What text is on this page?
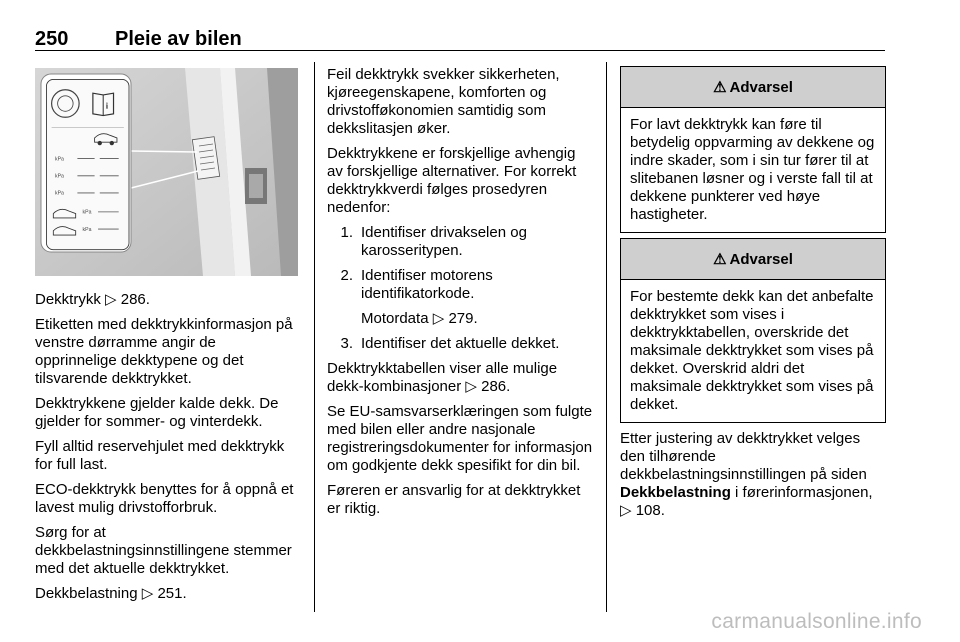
250 Pleie av bilen
i
kPa
kPa
kPa
kPa
kPa

Dekktrykk ▷ 286.

Etiketten med dekktrykkinformasjon på venstre dørramme angir de opprinnelige dekktypene og det tilsvarende dekktrykket.

Dekktrykkene gjelder kalde dekk. De gjelder for sommer- og vinterdekk.

Fyll alltid reservehjulet med dekktrykk for full last.

ECO-dekktrykk benyttes for å oppnå et lavest mulig drivstofforbruk.

Sørg for at dekkbelastningsinnstillingene stemmer med det aktuelle dekktrykket.

Dekkbelastning ▷ 251.

Feil dekktrykk svekker sikkerheten, kjøreegenskapene, komforten og drivstofføkonomien samtidig som dekkslitasjen øker.

Dekktrykkene er forskjellige avhengig av forskjellige alternativer. For korrekt dekktrykkverdi følges prosedyren nedenfor:

1. Identifiser drivakselen og karosseritypen.
2. Identifiser motorens identifikatorkode.
Motordata ▷ 279.
3. Identifiser det aktuelle dekket.

Dekktrykktabellen viser alle mulige dekk-kombinasjoner ▷ 286.

Se EU-samsvarserklæringen som fulgte med bilen eller andre nasjonale registreringsdokumenter for informasjon om godkjente dekk spesifikt for din bil.

Føreren er ansvarlig for at dekktrykket er riktig.

⚠ Advarsel
For lavt dekktrykk kan føre til betydelig oppvarming av dekkene og indre skader, som i sin tur fører til at slitebanen løsner og i verste fall til at dekkene punkterer ved høye hastigheter.
⚠ Advarsel
For bestemte dekk kan det anbefalte dekktrykket som vises i dekktrykktabellen, overskride det maksimale dekktrykket som vises på dekket. Overskrid aldri det maksimale dekktrykket som vises på dekket.

Etter justering av dekktrykket velges den tilhørende dekkbelastningsinnstillingen på siden Dekkbelastning i førerinformasjonen, ▷ 108.

carmanualsonline.info
